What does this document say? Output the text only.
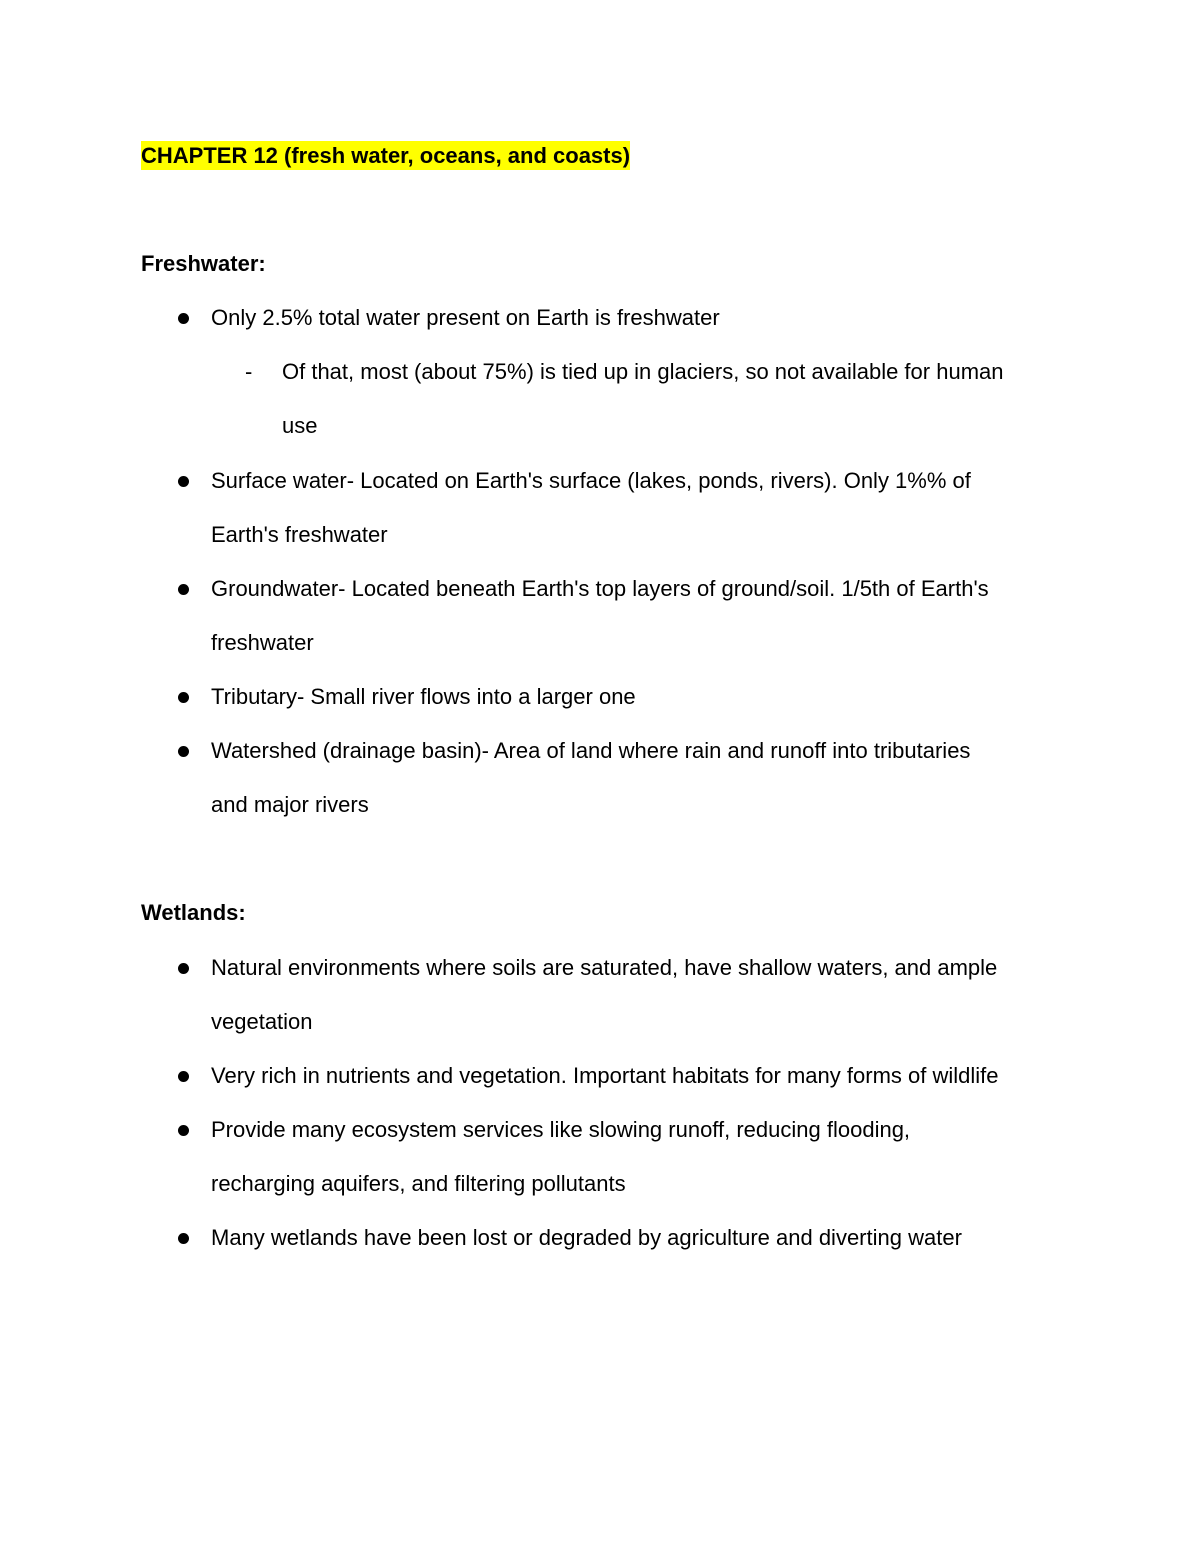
CHAPTER 12 (fresh water, oceans, and coasts)
Freshwater:

Only 2.5% total water present on Earth is freshwater

- Of that, most (about 75%) is tied up in glaciers, so not available for human

use

Surface water- Located on Earth's surface (lakes, ponds, rivers). Only 1%% of

Earth's freshwater

Groundwater- Located beneath Earth's top layers of ground/soil. 1/5th of Earth's

freshwater

Tributary- Small river flows into a larger one

Watershed (drainage basin)- Area of land where rain and runoff into tributaries

and major rivers

Wetlands:

Natural environments where soils are saturated, have shallow waters, and ample

vegetation

Very rich in nutrients and vegetation. Important habitats for many forms of wildlife

Provide many ecosystem services like slowing runoff, reducing flooding,

recharging aquifers, and filtering pollutants

Many wetlands have been lost or degraded by agriculture and diverting water
